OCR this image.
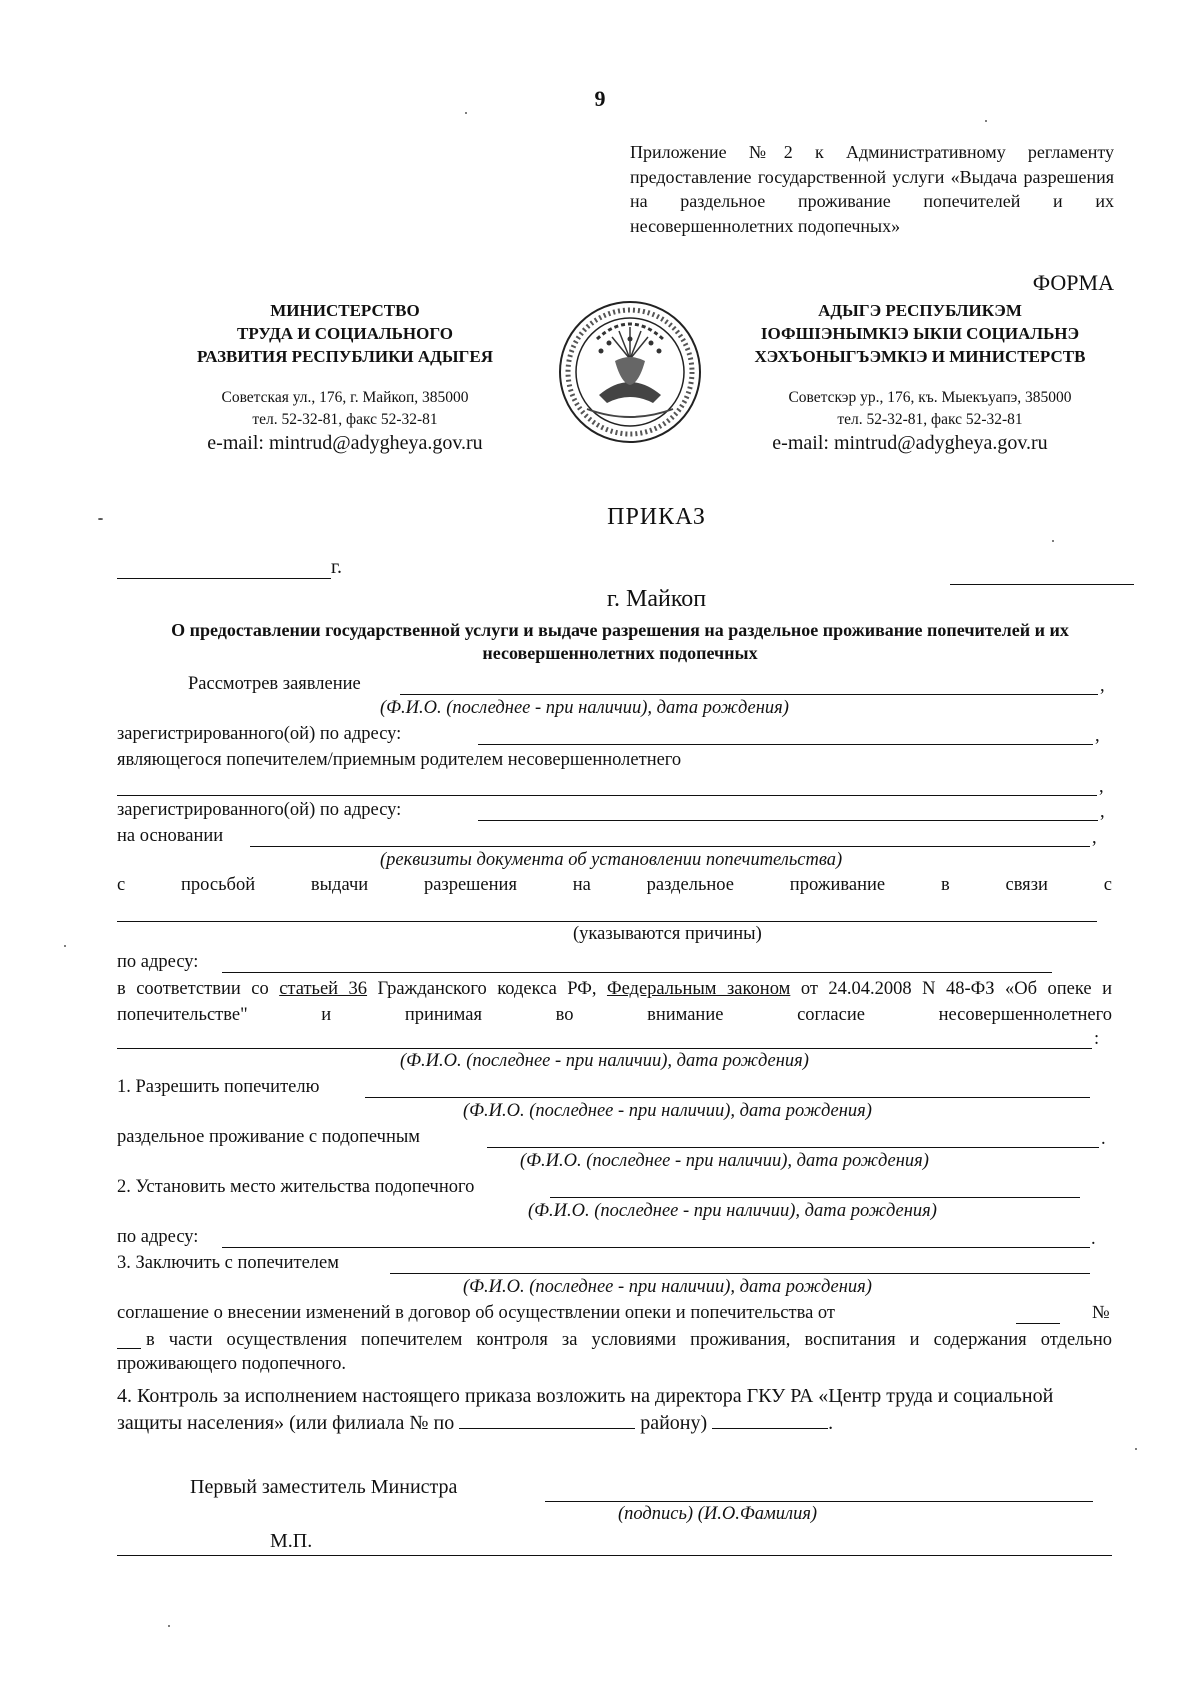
9
Приложение №2 к Административному регламенту предоставление государственной услуги «Выдача разрешения на раздельное проживание попечителей и их несовершеннолетних подопечных»
ФОРМА
МИНИСТЕРСТВО
ТРУДА И СОЦИАЛЬНОГО
РАЗВИТИЯ РЕСПУБЛИКИ АДЫГЕЯ
Советская ул., 176, г. Майкоп, 385000
тел. 52-32-81, факс 52-32-81
e-mail: mintrud@adygheya.gov.ru
АДЫГЭ РЕСПУБЛИКЭМ
IОФШIЭНЫМКIЭ ЫКIИ СОЦИАЛЬНЭ
ХЭХЪОНЫГЪЭМКIЭ И МИНИСТЕРСТВ
Советскэр ур., 176, къ. Мыекъуапэ, 385000
тел. 52-32-81, факс 52-32-81
e-mail: mintrud@adygheya.gov.ru
ПРИКАЗ
г.
г. Майкоп
О предоставлении государственной услуги и выдаче разрешения на раздельное проживание попечителей и их несовершеннолетних подопечных
Рассмотрев заявление	,
(Ф.И.О. (последнее - при наличии), дата рождения)
зарегистрированного(ой) по адресу:	,
являющегося попечителем/приемным родителем несовершеннолетнего
,
зарегистрированного(ой) по адресу:	,
на основании	,
(реквизиты документа об установлении попечительства)
с	просьбой	выдачи	разрешения	на	раздельное	проживание	в	связи	с
(указываются причины)
по адресу:
в соответствии со статьей 36 Гражданского кодекса РФ, Федеральным законом от 24.04.2008 N 48-ФЗ «Об опеке и попечительстве" и принимая во внимание согласие несовершеннолетнего
:
(Ф.И.О. (последнее - при наличии), дата рождения)
1. Разрешить попечителю
(Ф.И.О. (последнее - при наличии), дата рождения)
раздельное проживание с подопечным	.
(Ф.И.О. (последнее - при наличии), дата рождения)
2. Установить место жительства подопечного
(Ф.И.О. (последнее - при наличии), дата рождения)
по адресу:	.
3. Заключить с попечителем
(Ф.И.О. (последнее - при наличии), дата рождения)
соглашение о внесении изменений в договор об осуществлении опеки и попечительства от	№
в части осуществления попечителем контроля за условиями проживания, воспитания и содержания отдельно проживающего подопечного.
4. Контроль за исполнением настоящего приказа возложить на директора ГКУ РА «Центр труда и социальной защиты населения» (или филиала № по	району)	.
Первый заместитель Министра
(подпись) (И.О.Фамилия)
М.П.
